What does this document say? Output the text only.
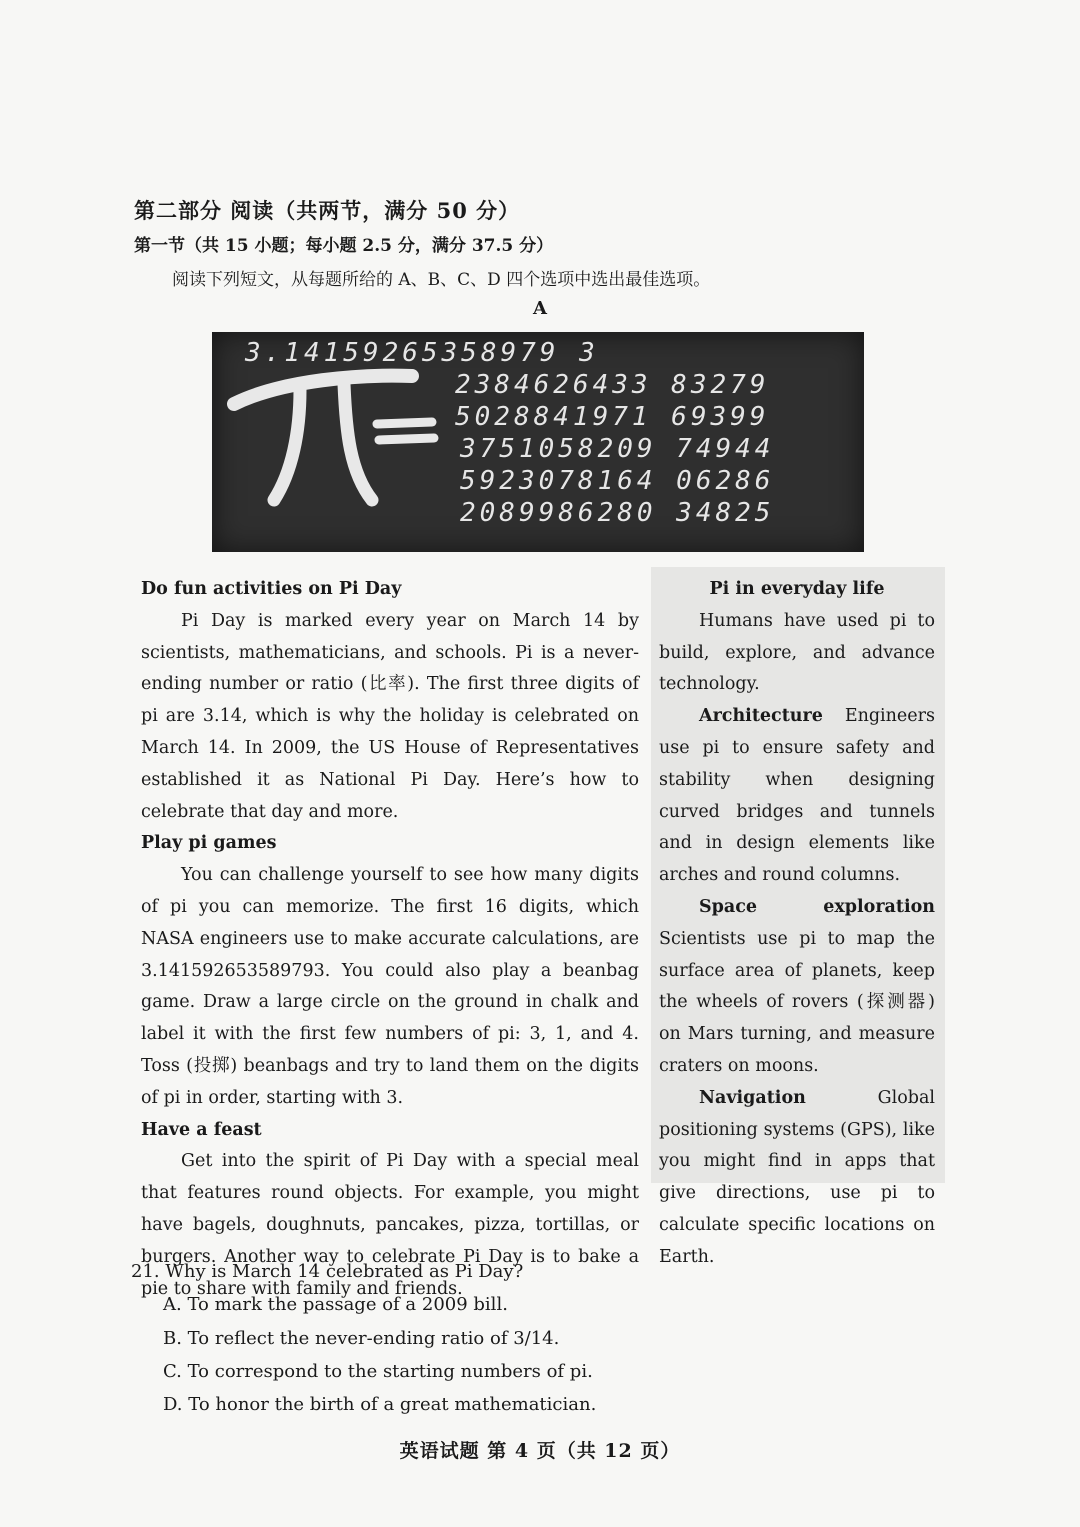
第二部分 阅读（共两节，满分 50 分）
第一节（共 15 小题；每小题 2.5 分，满分 37.5 分）
阅读下列短文，从每题所给的 A、B、C、D 四个选项中选出最佳选项。
A
3.14159265358979 3
2384626433 83279
5028841971 69399
3751058209 74944
5923078164 06286
2089986280 34825

Do fun activities on Pi Day

Pi Day is marked every year on March 14 by scientists, mathematicians, and schools. Pi is a never-ending number or ratio (比率). The first three digits of pi are 3.14, which is why the holiday is celebrated on March 14. In 2009, the US House of Representatives established it as National Pi Day. Here’s how to celebrate that day and more.

Play pi games

You can challenge yourself to see how many digits of pi you can memorize. The first 16 digits, which NASA engineers use to make accurate calculations, are 3.141592653589793. You could also play a beanbag game. Draw a large circle on the ground in chalk and label it with the first few numbers of pi: 3, 1, and 4. Toss (投掷) beanbags and try to land them on the digits of pi in order, starting with 3.

Have a feast

Get into the spirit of Pi Day with a special meal that features round objects. For example, you might have bagels, doughnuts, pancakes, pizza, tortillas, or burgers. Another way to celebrate Pi Day is to bake a pie to share with family and friends.

Pi in everyday life

Humans have used pi to build, explore, and advance technology.

Architecture Engineers use pi to ensure safety and stability when designing curved bridges and tunnels and in design elements like arches and round columns.

Space exploration Scientists use pi to map the surface area of planets, keep the wheels of rovers (探测器) on Mars turning, and measure craters on moons.

Navigation Global positioning systems (GPS), like you might find in apps that give directions, use pi to calculate specific locations on Earth.

21. Why is March 14 celebrated as Pi Day?
A. To mark the passage of a 2009 bill.
B. To reflect the never-ending ratio of 3/14.
C. To correspond to the starting numbers of pi.
D. To honor the birth of a great mathematician.
英语试题 第 4 页（共 12 页）
